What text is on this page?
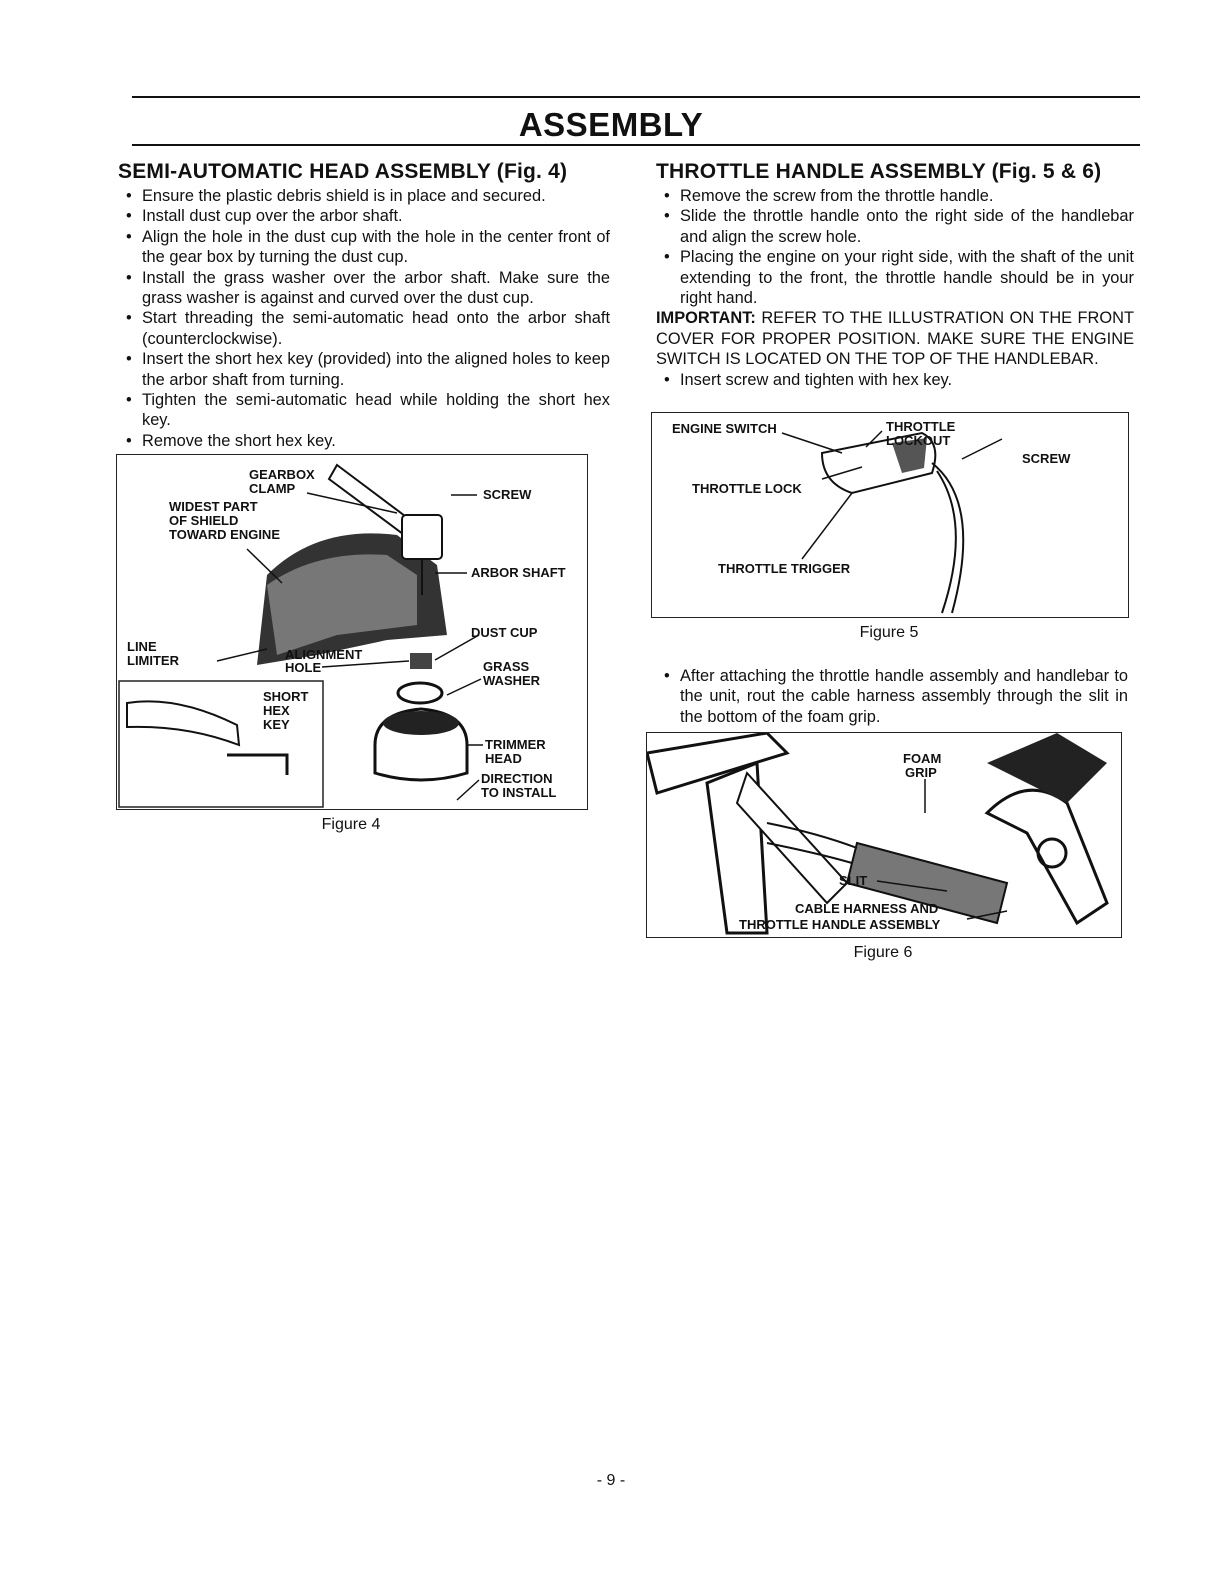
ASSEMBLY
SEMI-AUTOMATIC HEAD ASSEMBLY (Fig. 4)
• Ensure the plastic debris shield is in place and secured.
• Install dust cup over the arbor shaft.
• Align the hole in the dust cup with the hole in the center front of the gear box by turning the dust cup.
• Install the grass washer over the arbor shaft. Make sure the grass washer is against and curved over the dust cup.
• Start threading the semi-automatic head onto the arbor shaft (counterclockwise).
• Insert the short hex key (provided) into the aligned holes to keep the arbor shaft from turning.
• Tighten the semi-automatic head while holding the short hex key.
• Remove the short hex key.
GEARBOX
CLAMP
WIDEST PART
OF SHIELD
TOWARD ENGINE
SCREW
ARBOR SHAFT
DUST CUP
LINE
LIMITER	ALIGNMENT
HOLE	GRASS
WASHER
SHORT
HEX
KEY
TRIMMER
HEAD
DIRECTION
TO INSTALL
Figure 4
THROTTLE HANDLE ASSEMBLY (Fig. 5 & 6)
• Remove the screw from the throttle handle.
• Slide the throttle handle onto the right side of the handlebar and align the screw hole.
• Placing the engine on your right side, with the shaft of the unit extending to the front, the throttle handle should be in your right hand.
IMPORTANT: REFER TO THE ILLUSTRATION ON THE FRONT COVER FOR PROPER POSITION. MAKE SURE THE ENGINE SWITCH IS LOCATED ON THE TOP OF THE HANDLEBAR.
• Insert screw and tighten with hex key.
ENGINE SWITCH	THROTTLE
LOCKOUT
SCREW
THROTTLE LOCK
THROTTLE TRIGGER
Figure 5
• After attaching the throttle handle assembly and handlebar to the unit, rout the cable harness assembly through the slit in the bottom of the foam grip.
FOAM
GRIP
SLIT
CABLE HARNESS AND
THROTTLE HANDLE ASSEMBLY
Figure 6
- 9 -
